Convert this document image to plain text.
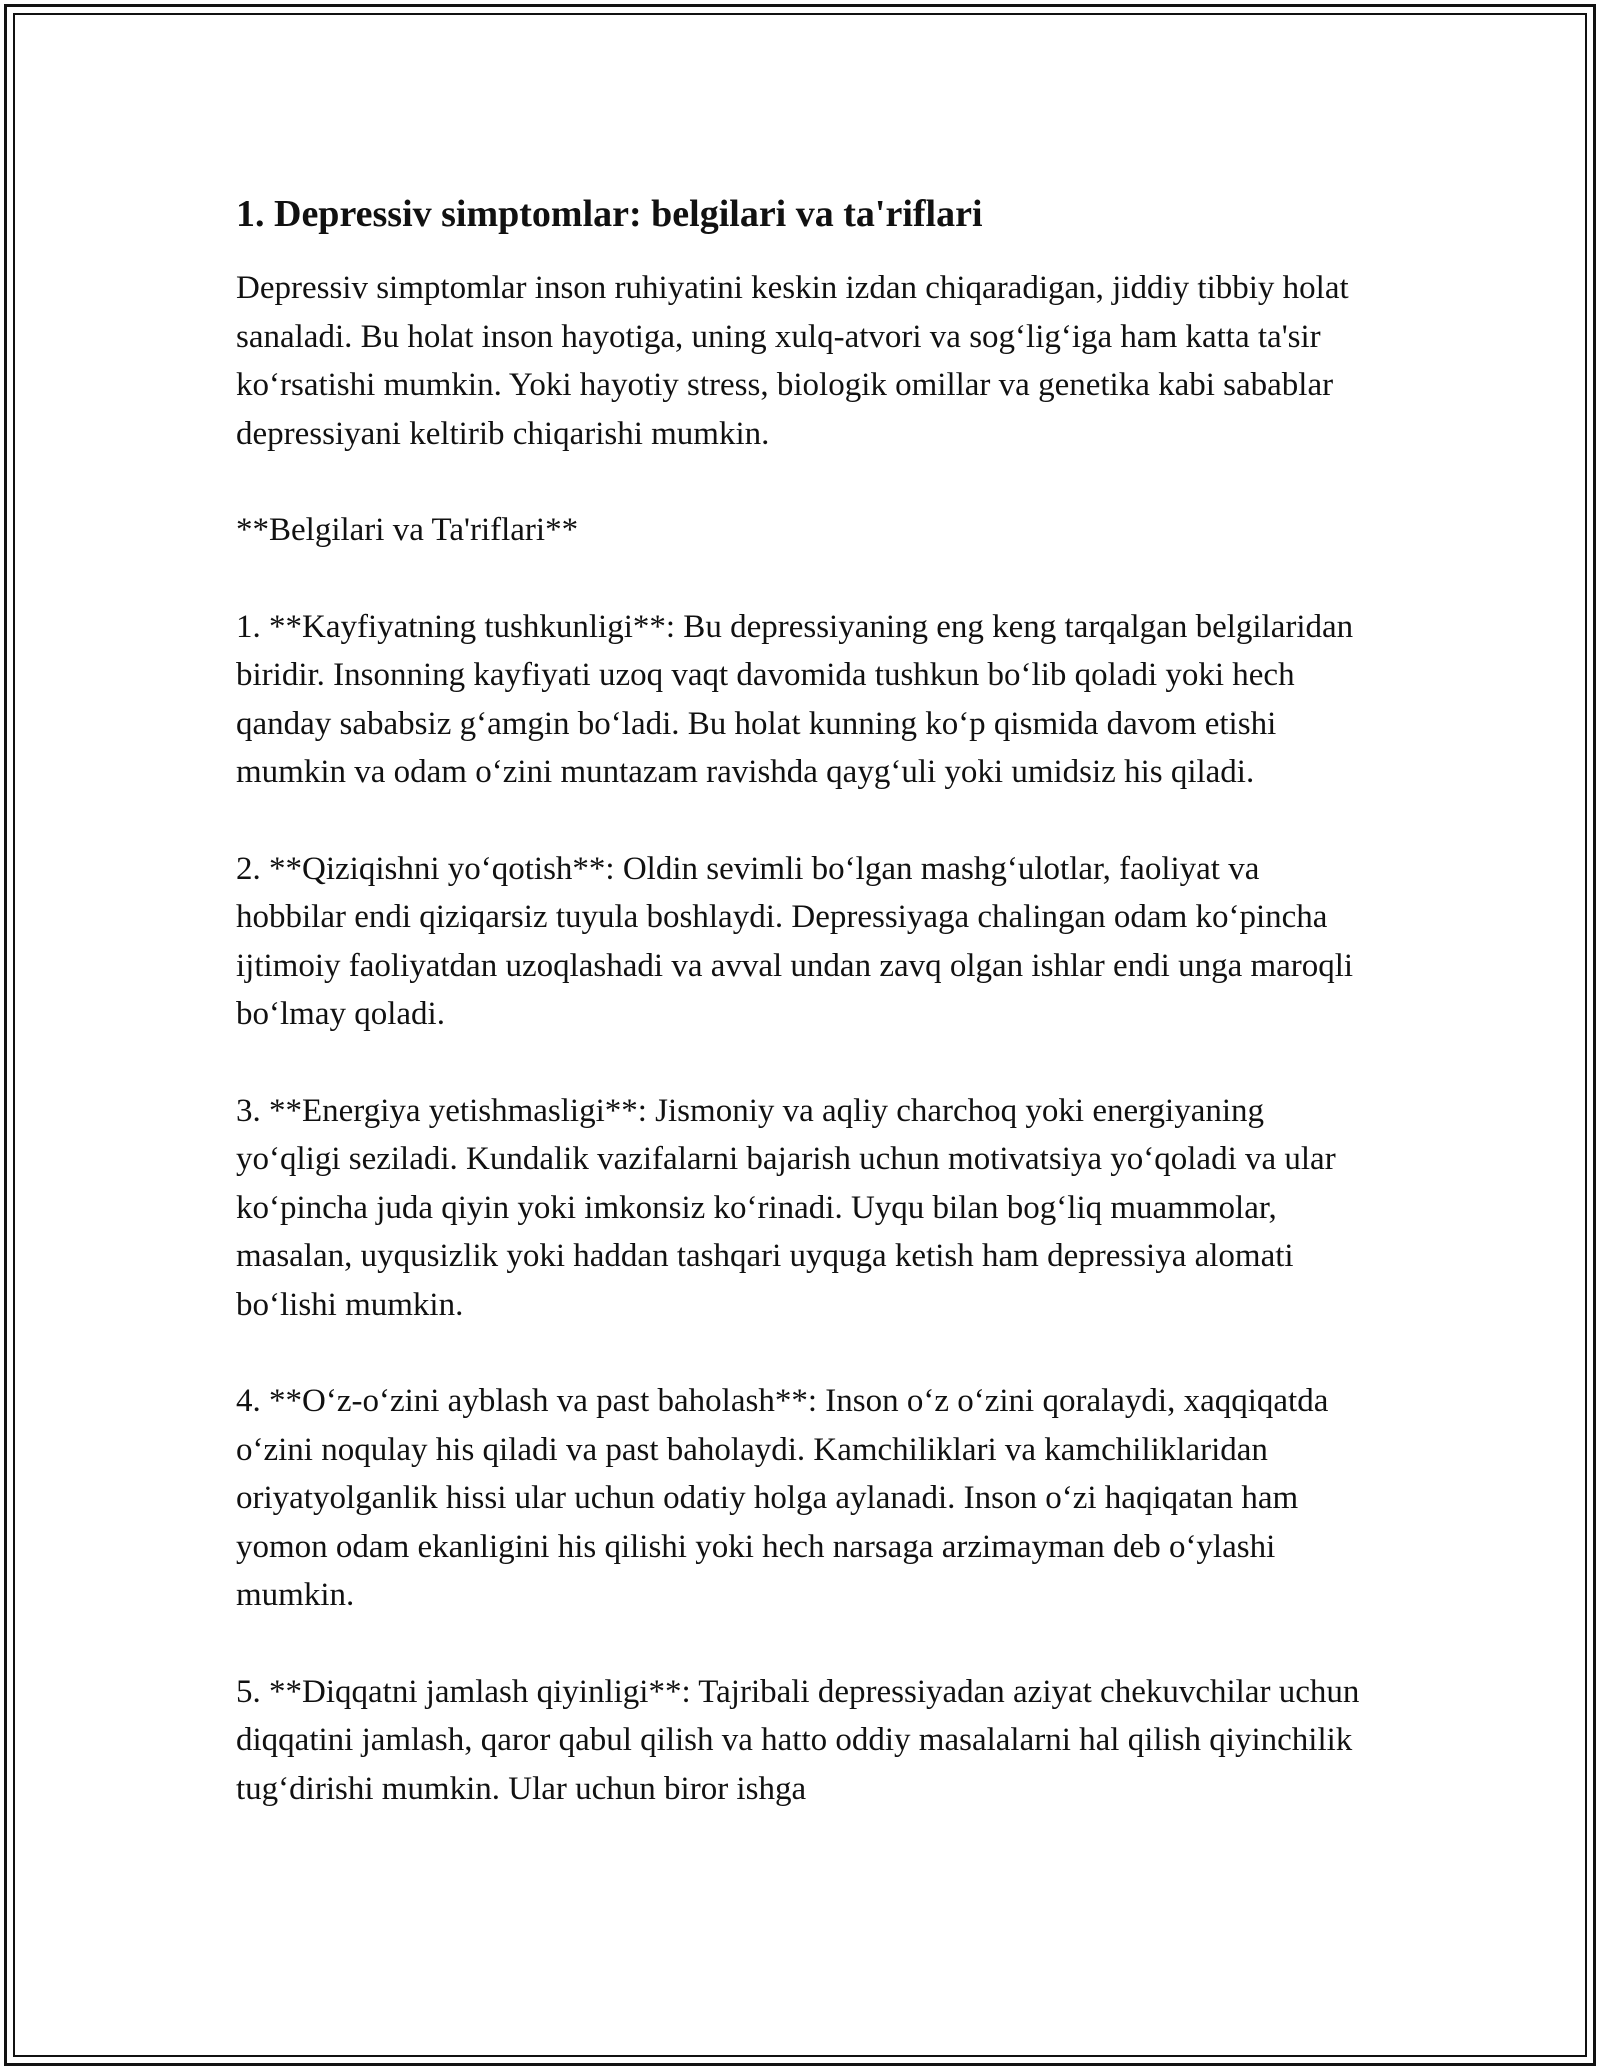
1. Depressiv simptomlar: belgilari va ta'riflari

Depressiv simptomlar inson ruhiyatini keskin izdan chiqaradigan, jiddiy tibbiy holat sanaladi. Bu holat inson hayotiga, uning xulq-atvori va sog‘lig‘iga ham katta ta'sir ko‘rsatishi mumkin. Yoki hayotiy stress, biologik omillar va genetika kabi sabablar depressiyani keltirib chiqarishi mumkin.

**Belgilari va Ta'riflari**

1. **Kayfiyatning tushkunligi**: Bu depressiyaning eng keng tarqalgan belgilaridan biridir. Insonning kayfiyati uzoq vaqt davomida tushkun bo‘lib qoladi yoki hech qanday sababsiz g‘amgin bo‘ladi. Bu holat kunning ko‘p qismida davom etishi mumkin va odam o‘zini muntazam ravishda qayg‘uli yoki umidsiz his qiladi.

2. **Qiziqishni yo‘qotish**: Oldin sevimli bo‘lgan mashg‘ulotlar, faoliyat va hobbilar endi qiziqarsiz tuyula boshlaydi. Depressiyaga chalingan odam ko‘pincha ijtimoiy faoliyatdan uzoqlashadi va avval undan zavq olgan ishlar endi unga maroqli bo‘lmay qoladi.

3. **Energiya yetishmasligi**: Jismoniy va aqliy charchoq yoki energiyaning yo‘qligi seziladi. Kundalik vazifalarni bajarish uchun motivatsiya yo‘qoladi va ular ko‘pincha juda qiyin yoki imkonsiz ko‘rinadi. Uyqu bilan bog‘liq muammolar, masalan, uyqusizlik yoki haddan tashqari uyquga ketish ham depressiya alomati bo‘lishi mumkin.

4. **O‘z-o‘zini ayblash va past baholash**: Inson o‘z o‘zini qoralaydi, xaqqiqatda o‘zini noqulay his qiladi va past baholaydi. Kamchiliklari va kamchiliklaridan oriyatyolganlik hissi ular uchun odatiy holga aylanadi. Inson o‘zi haqiqatan ham yomon odam ekanligini his qilishi yoki hech narsaga arzimayman deb o‘ylashi mumkin.

5. **Diqqatni jamlash qiyinligi**: Tajribali depressiyadan aziyat chekuvchilar uchun diqqatini jamlash, qaror qabul qilish va hatto oddiy masalalarni hal qilish qiyinchilik tug‘dirishi mumkin. Ular uchun biror ishga
